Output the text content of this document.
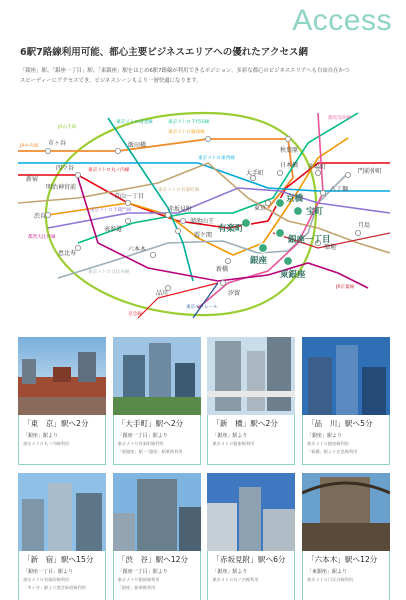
Access
6駅7路線利用可能、都心主要ビジネスエリアへの優れたアクセス網
「銀座」駅、「銀座一丁目」駅、「東銀座」駅をはじめ6駅7路線が利用できるポジション。多彩な都心のビジネスエリアへも自由自在かつ
スピーディーにアクセスでき、ビジネスシーンもより一層快適になります。
市ヶ谷	飯田橋
秋葉原
四ツ谷
新宿
明治神宮前
渋谷
青山一丁目
表参道
赤坂見附
溜池山王
霞ケ関
六本木
恵比寿
大手町
東京
日本橋 茅場町
門前仲町
八丁堀
月島
新橋
汐留
品川
築地
京橋
宝町
有楽町
銀座一丁目
銀座
東銀座
JR山手線
JR中央線
東京メトロ丸ノ内線
東京メトロ南北線
東京メトロ半蔵門線
東京メトロ千代田線
東京メトロ東西線
東京メトロ有楽町線
東京メトロ日比谷線
都営大江戸線
都営浅草線
東京メトロ銀座線
京急線
東京モノレール
JR京葉線
「東　京」駅へ2分
「銀座」駅より
東京メトロ丸ノ内線利用
「大手町」駅へ2分
「銀座一丁目」駅より
東京メトロ有楽町線利用
「東銀座」駅・「銀座」駅乗換利用
「新　橋」駅へ2分
「銀座」駅より
東京メトロ銀座線利用
「品　川」駅へ5分
「銀座」駅より
東京メトロ銀座線利用
「新橋」駅より京急線利用
「新　宿」駅へ15分
「銀座一丁目」駅より
東京メトロ有楽町線利用
「市ヶ谷」駅より都営新宿線利用
「渋　谷」駅へ12分
「銀座一丁目」駅より
東京メトロ銀座線利用
「銀座」駅乗換利用
「赤坂見附」駅へ6分
「銀座」駅より
東京メトロ丸ノ内線利用
「六本木」駅へ12分
「東銀座」駅より
東京メトロ日比谷線利用
